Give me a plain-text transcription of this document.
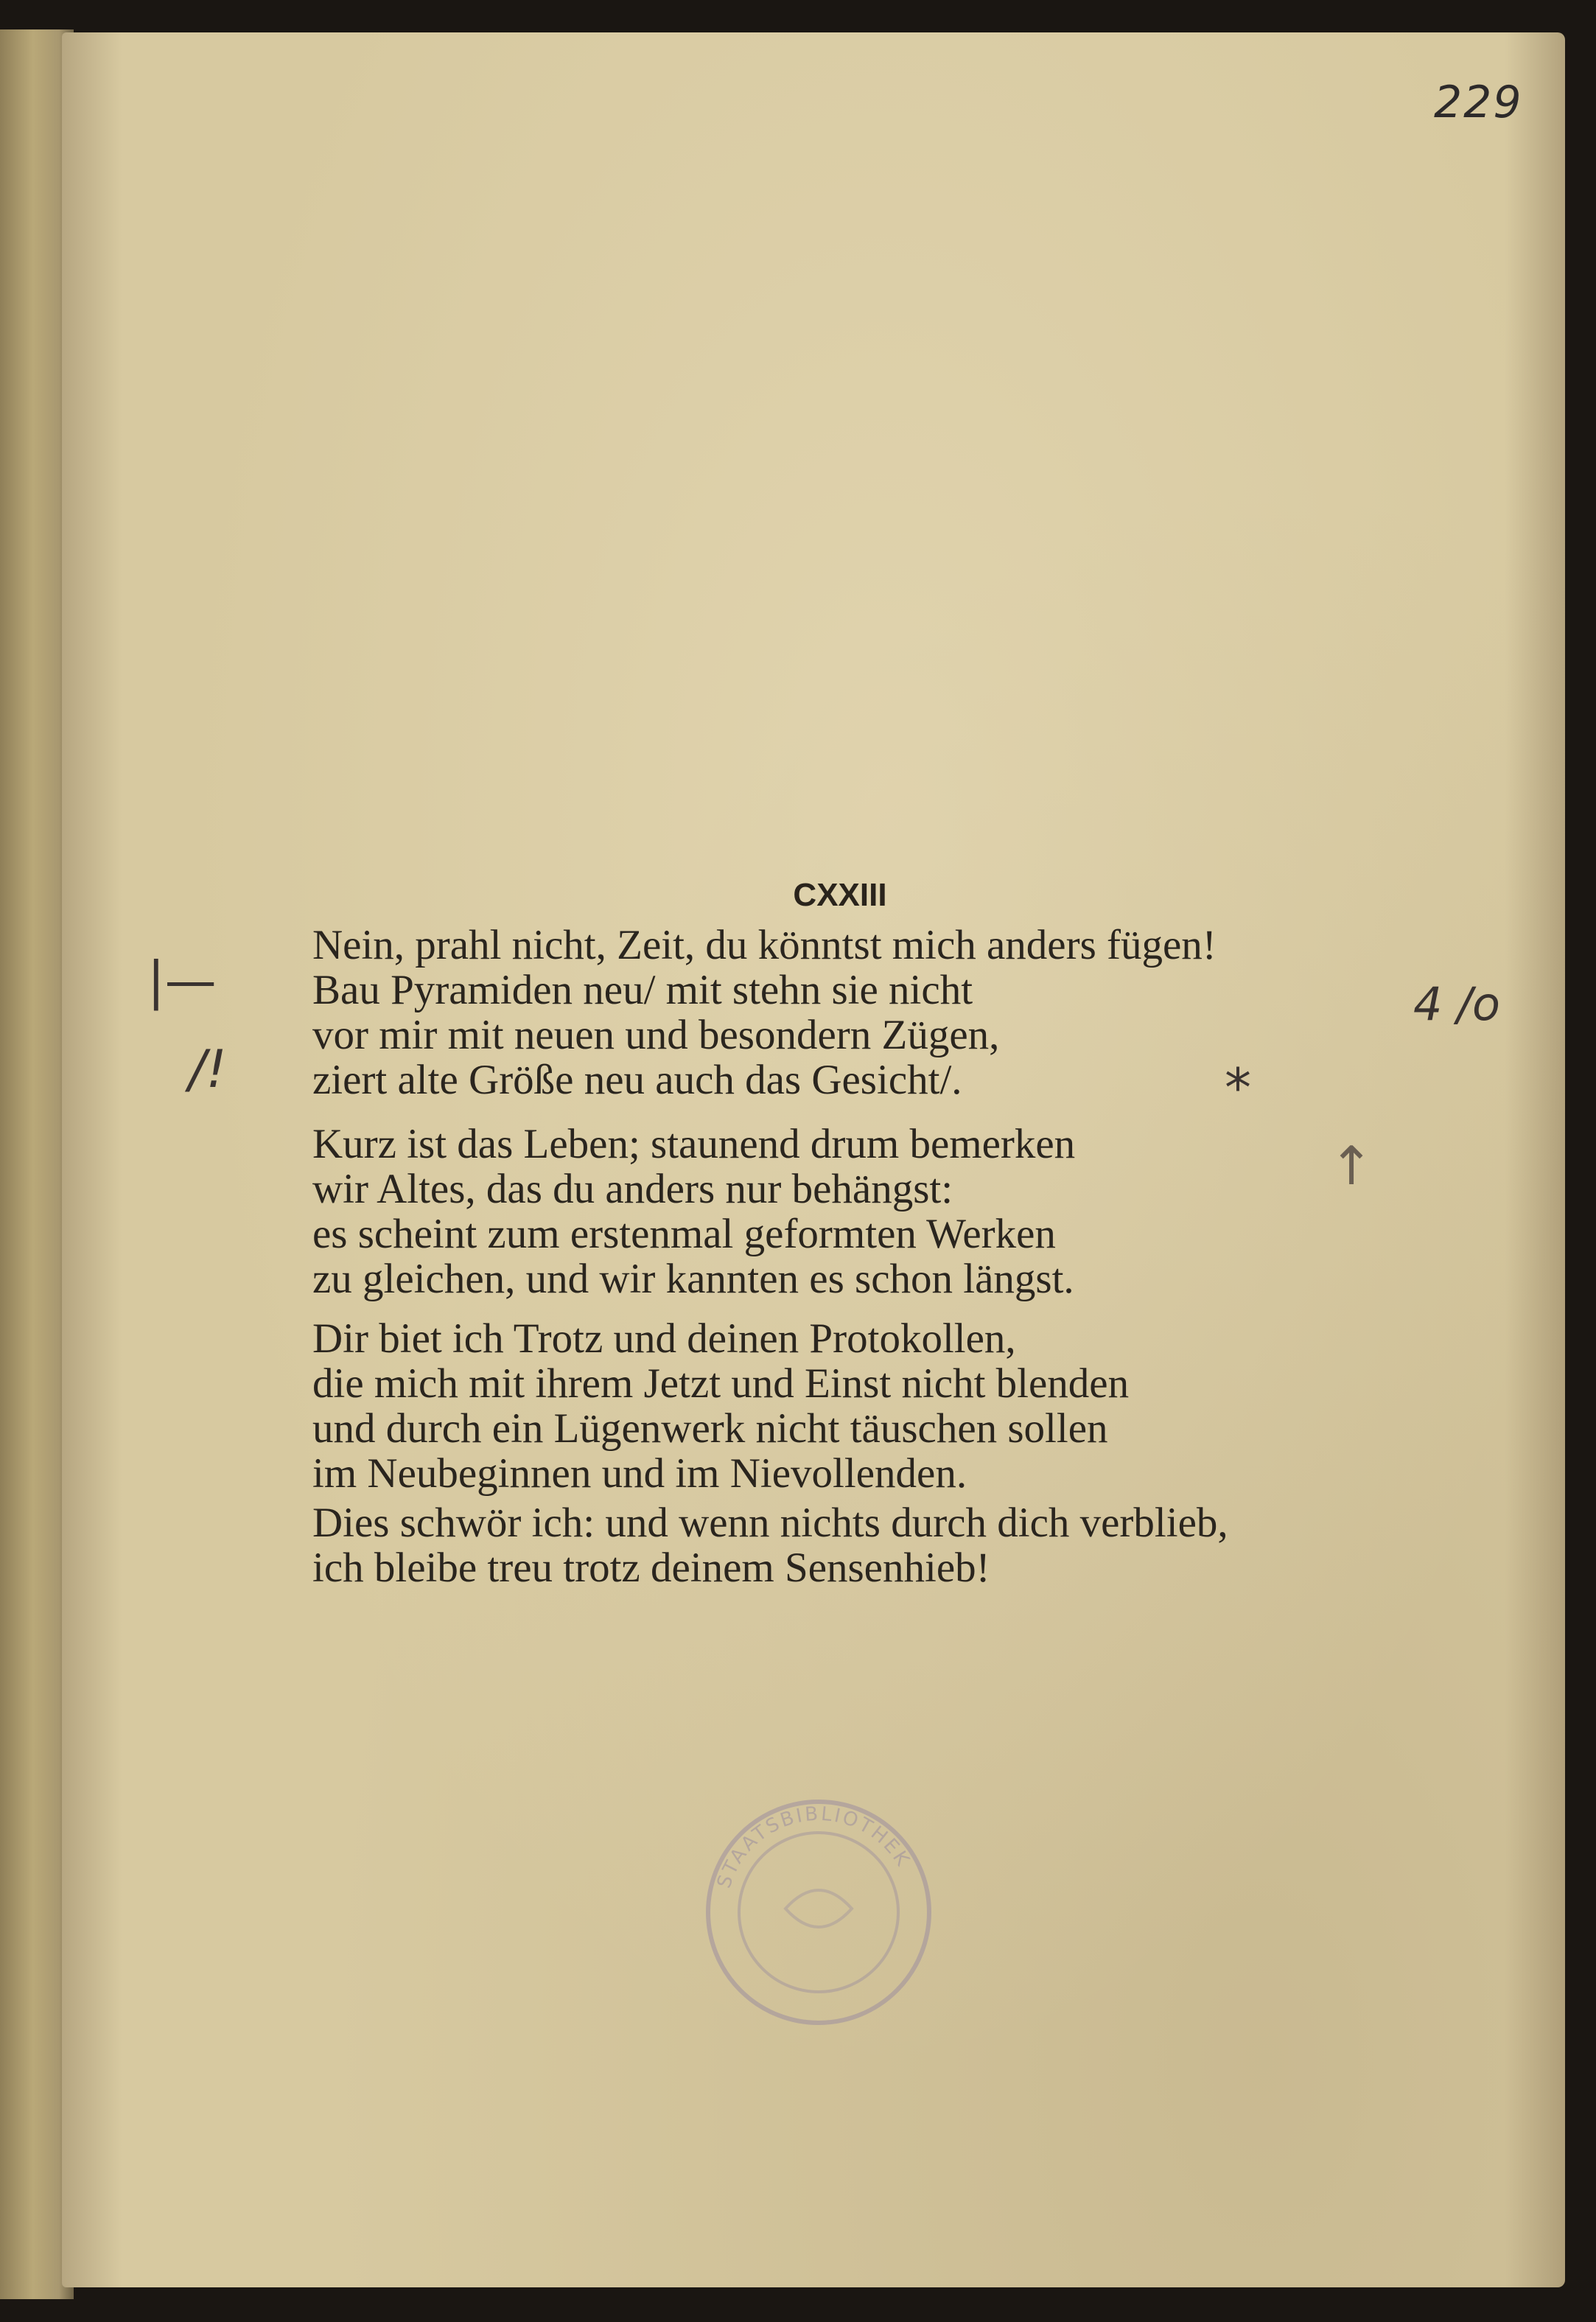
229
CXXIII
Nein, prahl nicht, Zeit, du könntst mich anders fügen!
Bau Pyramiden neu/ mit stehn sie nicht
vor mir mit neuen und besondern Zügen,
ziert alte Größe neu auch das Gesicht/.
Kurz ist das Leben; staunend drum bemerken
wir Altes, das du anders nur behängst:
es scheint zum erstenmal geformten Werken
zu gleichen, und wir kannten es schon längst.
Dir biet ich Trotz und deinen Protokollen,
die mich mit ihrem Jetzt und Einst nicht blenden
und durch ein Lügenwerk nicht täuschen sollen
im Neubeginnen und im Nievollenden.
Dies schwör ich: und wenn nichts durch dich verblieb,
ich bleibe treu trotz deinem Sensenhieb!
|—
/!
4 /o
*
↑
STAATSBIBLIOTHEK
